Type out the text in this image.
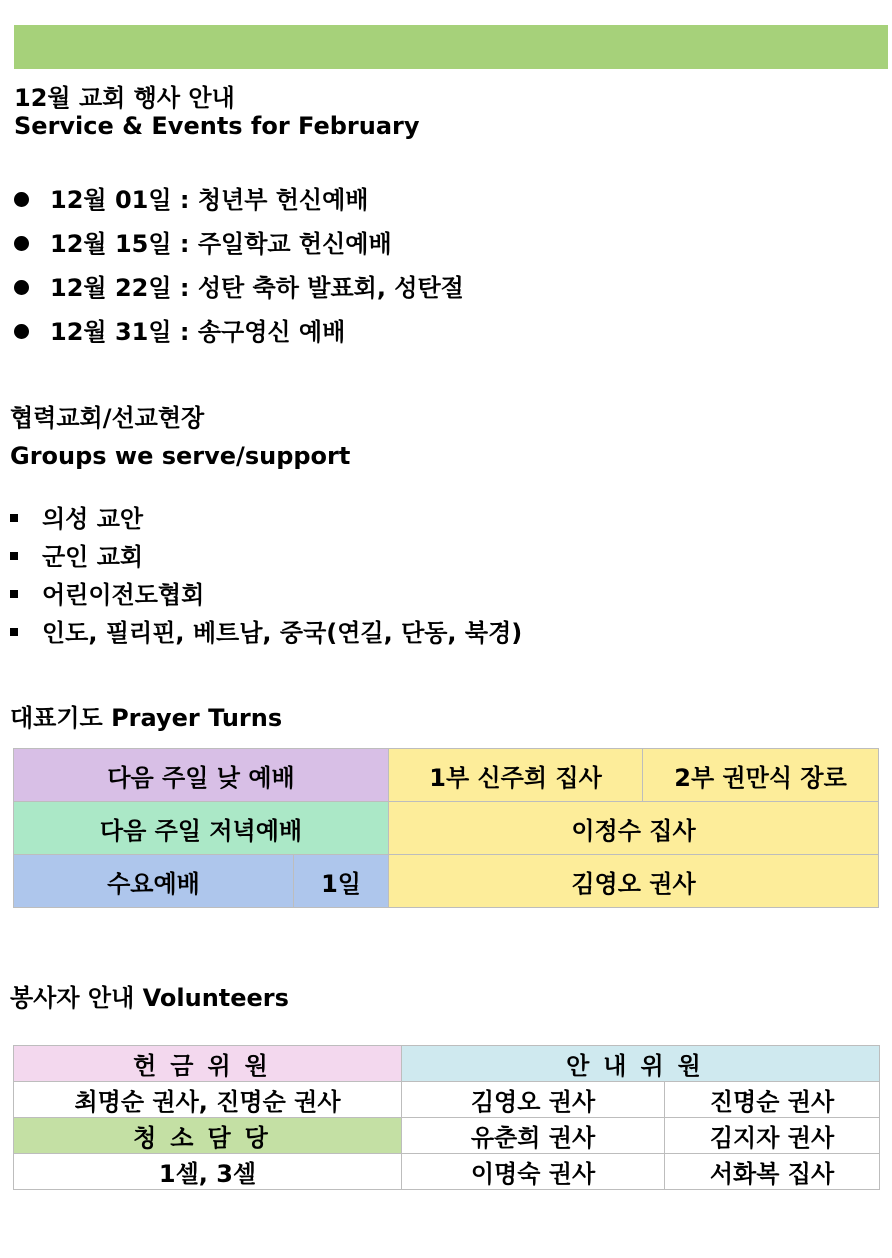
12월 교회 행사 안내
Service & Events for February
12월 01일 : 청년부 헌신예배
12월 15일 : 주일학교 헌신예배
12월 22일 : 성탄 축하 발표회, 성탄절
12월 31일 : 송구영신 예배
협력교회/선교현장
Groups we serve/support
의성 교안
군인 교회
어린이전도협회
인도, 필리핀, 베트남, 중국(연길, 단동, 북경)
대표기도 Prayer Turns
다음 주일 낮 예배		1부 신주희 집사	2부 권만식 장로
다음 주일 저녁예배		이정수 집사	
수요예배	1일	김영오 권사	
봉사자 안내 Volunteers
헌금위원	안내위원	
최명순 권사, 진명순 권사	김영오 권사	진명순 권사
청소담당	유춘희 권사	김지자 권사
1셀, 3셀	이명숙 권사	서화복 집사
